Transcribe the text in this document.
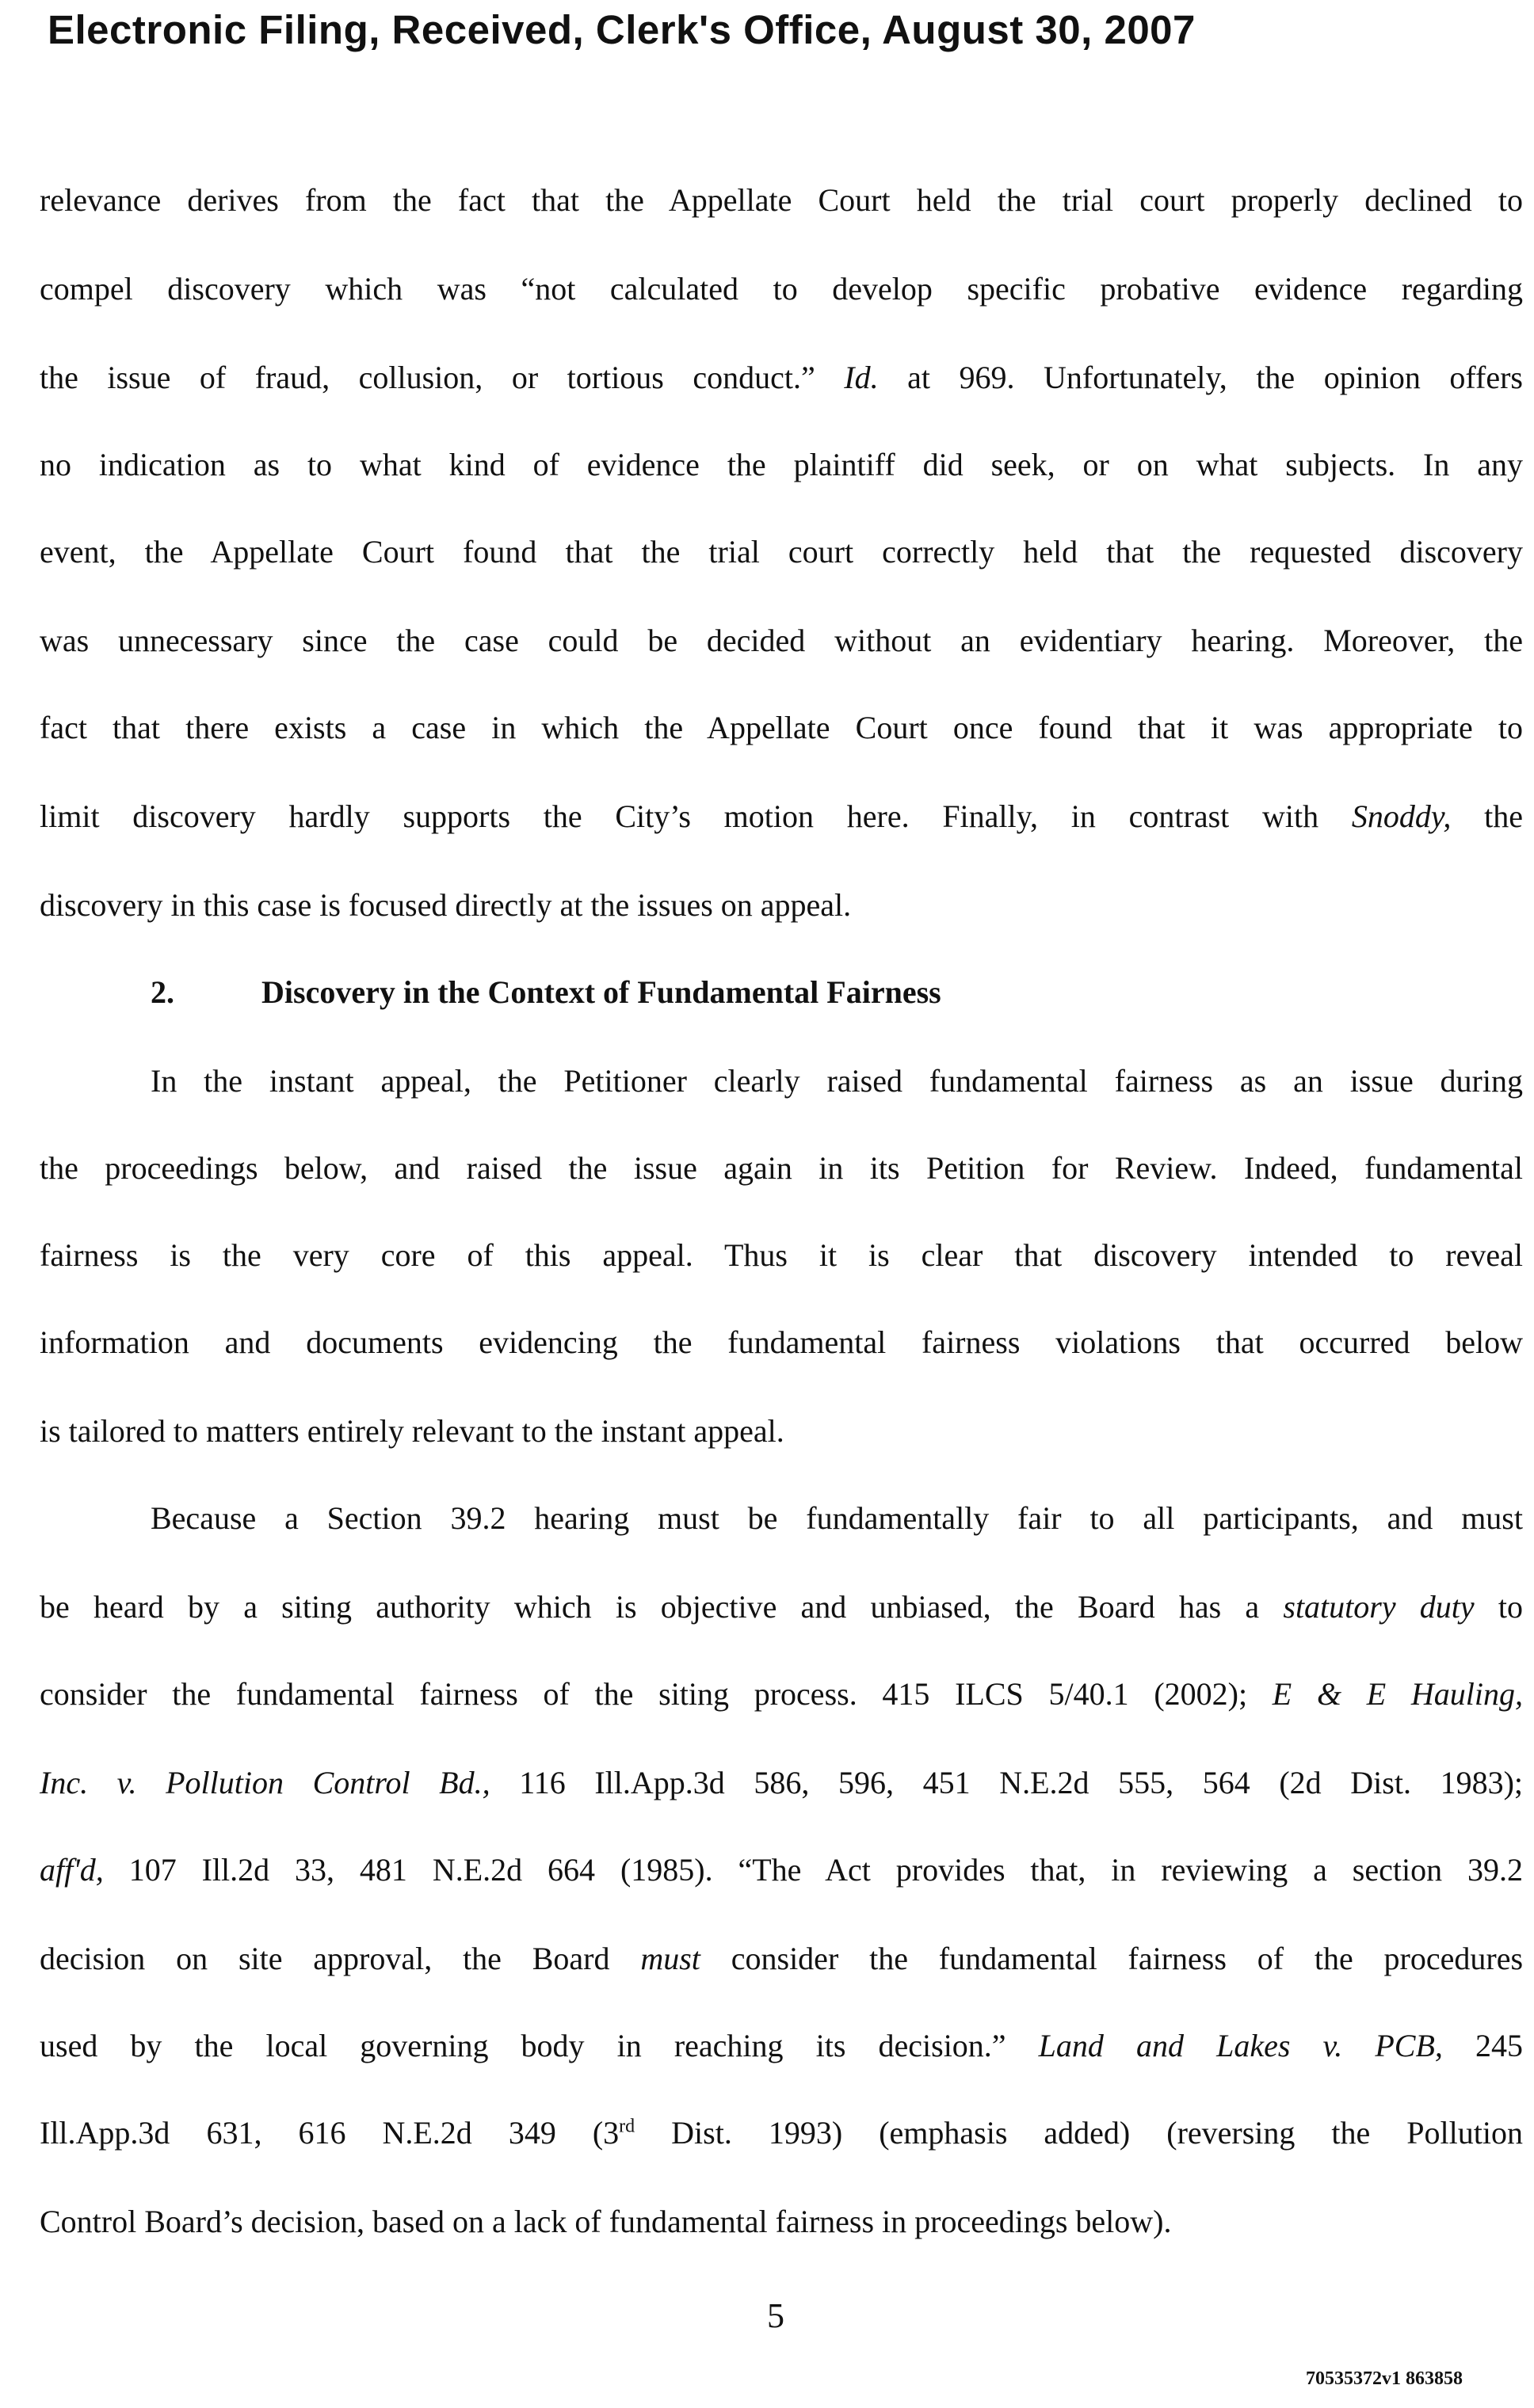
Electronic Filing, Received, Clerk's Office, August 30, 2007
relevance derives from the fact that the Appellate Court held the trial court properly declined to
compel discovery which was “not calculated to develop specific probative evidence regarding
the issue of fraud, collusion, or tortious conduct.” Id. at 969. Unfortunately, the opinion offers
no indication as to what kind of evidence the plaintiff did seek, or on what subjects. In any
event, the Appellate Court found that the trial court correctly held that the requested discovery
was unnecessary since the case could be decided without an evidentiary hearing. Moreover, the
fact that there exists a case in which the Appellate Court once found that it was appropriate to
limit discovery hardly supports the City’s motion here. Finally, in contrast with Snoddy, the
discovery in this case is focused directly at the issues on appeal.
2.	Discovery in the Context of Fundamental Fairness
In the instant appeal, the Petitioner clearly raised fundamental fairness as an issue during
the proceedings below, and raised the issue again in its Petition for Review. Indeed, fundamental
fairness is the very core of this appeal. Thus it is clear that discovery intended to reveal
information and documents evidencing the fundamental fairness violations that occurred below
is tailored to matters entirely relevant to the instant appeal.
Because a Section 39.2 hearing must be fundamentally fair to all participants, and must
be heard by a siting authority which is objective and unbiased, the Board has a statutory duty to
consider the fundamental fairness of the siting process. 415 ILCS 5/40.1 (2002); E & E Hauling,
Inc. v. Pollution Control Bd., 116 Ill.App.3d 586, 596, 451 N.E.2d 555, 564 (2d Dist. 1983);
aff'd, 107 Ill.2d 33, 481 N.E.2d 664 (1985). “The Act provides that, in reviewing a section 39.2
decision on site approval, the Board must consider the fundamental fairness of the procedures
used by the local governing body in reaching its decision.” Land and Lakes v. PCB, 245
Ill.App.3d 631, 616 N.E.2d 349 (3rd Dist. 1993) (emphasis added) (reversing the Pollution
Control Board’s decision, based on a lack of fundamental fairness in proceedings below).
5
70535372v1 863858
